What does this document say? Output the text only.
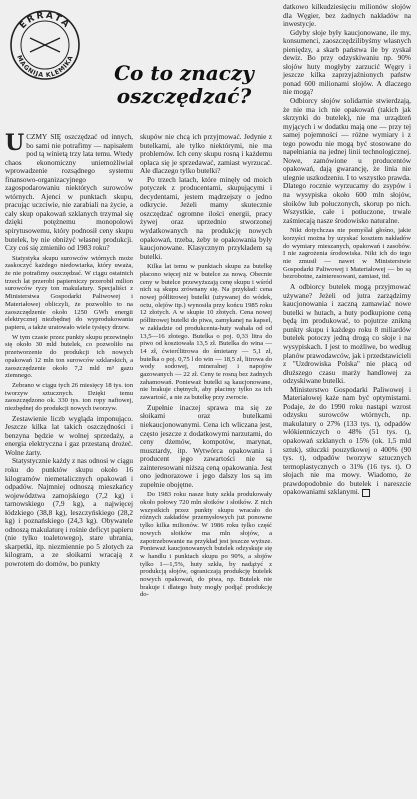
ERRATA
MAGNIJA KLEMIKA
Co to znaczy
oszczędzać?

UCZMY SIĘ oszczędzać od innych, bo sami nie potrafimy — napisałem pod tą winietą trzy lata temu. Wtedy chaos ekonomiczny uniemożliwiał wprowadzenie rozsądnego systemu finansowo-organizacyjnego w zagospodarowaniu niektórych surowców wtórnych. Ajenci w punktach skupu, pracując uczciwie, nie zarabiali na życie, a cały skup opakowań szklanych trzymał się dzięki potężnemu monopolowi spirytusowemu, który podnosił ceny skupu butelek, by nie obniżyć własnej produkcji. Czy coś się zmieniło od 1983 roku?

Statystyka skupu surowców wtórnych może zaskoczyć każdego niedowiarka, który uważa, że nie potrafimy oszczędzać. W ciągu ostatnich trzech lat przerobi papierniczy przerobił milion surowców ryzy ton makulatury. Specjaliści z Ministerstwa Gospodarki Paliwowej i Materiałowej obliczyli, że pozwoliło to na zaoszczędzenie około 1250 GWh energii elektrycznej niezbędnej do wyprodukowania papieru, a także uratowało wiele tysięcy drzew.

W tym czasie przez punkty skupu przewinęło się około 30 mld butelek, co pozwoliło na przetworzenie do produkcji ich nowych opakowań 12 mln ton surowców szklarskich, a zaoszczędzenie około 7,2 mld m³ gazu ziemnego.

Zebrano w ciągu tych 26 miesięcy 18 tys. ton tworzyw sztucznych. Dzięki temu zaoszczędzono ok. 330 tys. ton ropy naftowej, niezbędnej do produkcji nowych tworzyw.

Zestawienie liczb wygląda imponująco. Jeszcze kilka lat takich oszczędności i benzyna będzie w wolnej sprzedaży, a energia elektryczna i gaz przestaną drożeć. Wolne żarty.

Statystycznie każdy z nas odnosi w ciągu roku do punktów skupu około 16 kilogramów niemetalicznych opakowań i odpadów. Najmniej odnoszą mieszkańcy województwa zamojskiego (7,2 kg) i tarnowskiego (7,9 kg), a najwięcej łódzkiego (38,8 kg), leszczyńskiego (28,2 kg) i poznańskiego (24,3 kg). Obywatele odnoszą makulaturę i rośnie deficyt papieru (nie tylko toaletowego), stare ubrania, skarpetki, itp. niezmiennie po 5 złotych za kilogram, a ze słoikami wracają z powrotem do domów, bo punkty

skupów nie chcą ich przyjmować. Jedynie z butelkami, ale tylko niektórymi, nie ma problemów. Ich ceny skupu rosną i każdemu opłaca się je sprzedawać, zamiast wyrzucać. Ale dlaczego tylko butelki?

Po trzech latach, które minęły od moich potyczek z producentami, skupującymi i decydentami, jestem mądrzejszy o jedno odkrycie. Jeżeli mamy skutecznie oszczędzać ogromne ilości energii, pracy żywej oraz uprzednio stworzonej wydatkowanych na produkcję nowych opakowań, trzeba, żeby te opakowania były kaucjonowane. Klasycznym przykładem są butelki.

Kilka lat temu w punktach skupu za butelkę płacono więcej niż w butelce za nową. Obecnie ceny w butelce przewyższają cenę skupu i wśród nich są skupu zrównany się. Na przykład: cena nowej półlitrowej butelki (używanej do wódek, octu, olejów itp.) wynosiła przy końcu 1985 roku 12 złotych. A w skupie 10 złotych. Cena nowej półlitrowej butelki do piwa, zamykanej na kapsel, w zakładzie od produkcenta-huty wahała od od 13,5—16 złotego. Butelka o poj. 0,33 litra do piwo od kosztowała 13,5 zł. Butelka do wina — 14 zł, ćwierćlitrowa do śmietany — 5,1 zł, butelka o poj. 0,75 l do win — 18,5 zł, litrowa do wody sodowej, mineralnej i napojów gazowanych — 22 zł. Ceny te rosną bez żadnych zahamowań. Ponieważ butelki są kaucjonowane, nie brakuje chętnych, aby płacimy tylko za ich zawartość, a nie za butelkę przy zwrocie.

Zupełnie inaczej sprawa ma się ze słoikami oraz butelkami niekaucjonowanymi. Cena ich wliczana jest, często jeszcze z dodatkowymi narzutami, do ceny dżemów, kompotów, marynat, musztardy, itp. Wytwórca opakowania i producent jego zawartości nie są zainteresowani niższą ceną opakowania. Jest ono jednorazowe i jego dalszy los są im zupełnie obojętne.

Do 1983 roku nasze huty szkła produkowały około połowy 720 mln słoików i słoików. Z nich wszystkich przez punkty skupu wracało do różnych zakładów przemysłowych już ponowne tylko kilka milionów. W 1986 roku tylko część nowych słoików ma mln słojów, a zapotrzebowanie na przykład jest jeszcze wyższe. Ponieważ kaucjonowanych butelek odzyskuje się w handlu i punktach skupu po 90%, a słojów tylko 1—1,5%, huty szkła, by nadążyć z produkcją słojów, ograniczają produkcję butelek nowych opakowań, do piwa, np. Butelek nie brakuje i dlatego huty mogły podjąć produkcję do-

datkowo kilkudziesięciu milionów słojów dla Węgier, bez żadnych nakładów na inwestycje.

Gdyby słoje były kaucjonowane, ile my, konsumenci, zaoszczędzilibyśmy własnych pieniędzy, a skarb państwa ile by zyskał dewiz. Bo przy odzyskiwaniu np. 90% słojów huty mogłyby zarzucić Węgry i jeszcze kilka zaprzyjaźnionych państw ponad 600 milionami słojów. A dlaczego nie mogą?

Odbiorcy słojów solidarnie stwierdzają, że nie ma ich nie opakowań (takich jak skrzynki do butelek), nie ma urządzeń myjących i w dodatku mają one — przy tej samej pojemności — różne wymiary i z tego powodu nie mogą być stosowane do napełniania na jednej linii technologicznej. Nowe, zamówione u producentów opakowań, dają gwarancję, że linia nie ulegnie uszkodzeniu. I to wszystko prawda. Dlatego rocznie wyrzucamy do zsypów i na wysypiska około 600 mln słojów, słoików lub połuczonych, skorup po nich. Wszystkie, całe i potłuczone, trwale zaśmiecają nasze środowisko naturalne.

Nikt dotychczas nie pomyślał głośno, jakie korzyści można by uzyskać kosztem nakładów do wymiary mieszanych, opakowań i zasobów. I nie zagrożenia środowiska. Nikt ich do tego nie zmusił — nawet w Ministerstwie Gospodarki Paliwowej i Materiałowej — bo są bezrobotne, zainteresowani, zamiast, itd.

A odbiorcy butelek mogą przyjmować używane? Jeżeli od jutra zarządzimy kaucjonowania i zaczną zamawiać nowe butelki w hutach, a huty podkupione ceną będą im produkować, to pojutrze znikną punkty skupu i każdego roku 8 miliardów butelek potoczy jedną drogą co słoje i na wysypiskach. I jest to możliwe, bo według planów prawodawców, jak i przedstawicieli z "Uzdrowiska Polska" nie płacą od dłuższego czasu marży handlowej za odzyskiwane butelki.

Ministerstwo Gospodarki Paliwowej i Materiałowej każe nam być optymistami. Podaje, że do 1990 roku nastąpi wzrost odzysku surowców wtórnych, np. makulatury o 27% (133 tys. t), odpadów włókienniczych o 48% (51 tys. t), opakowań szklanych o 15% (ok. 1,5 mld sztuk), stłuczki pouzytkowej o 400% (90 tys. t), odpadów tworzyw sztucznych termoplastycznych o 31% (16 tys. t). O słojach nie ma mowy. Wiadomo, że prawdopodobnie do butelek i nareszcie opakowaniami szklanymi.
